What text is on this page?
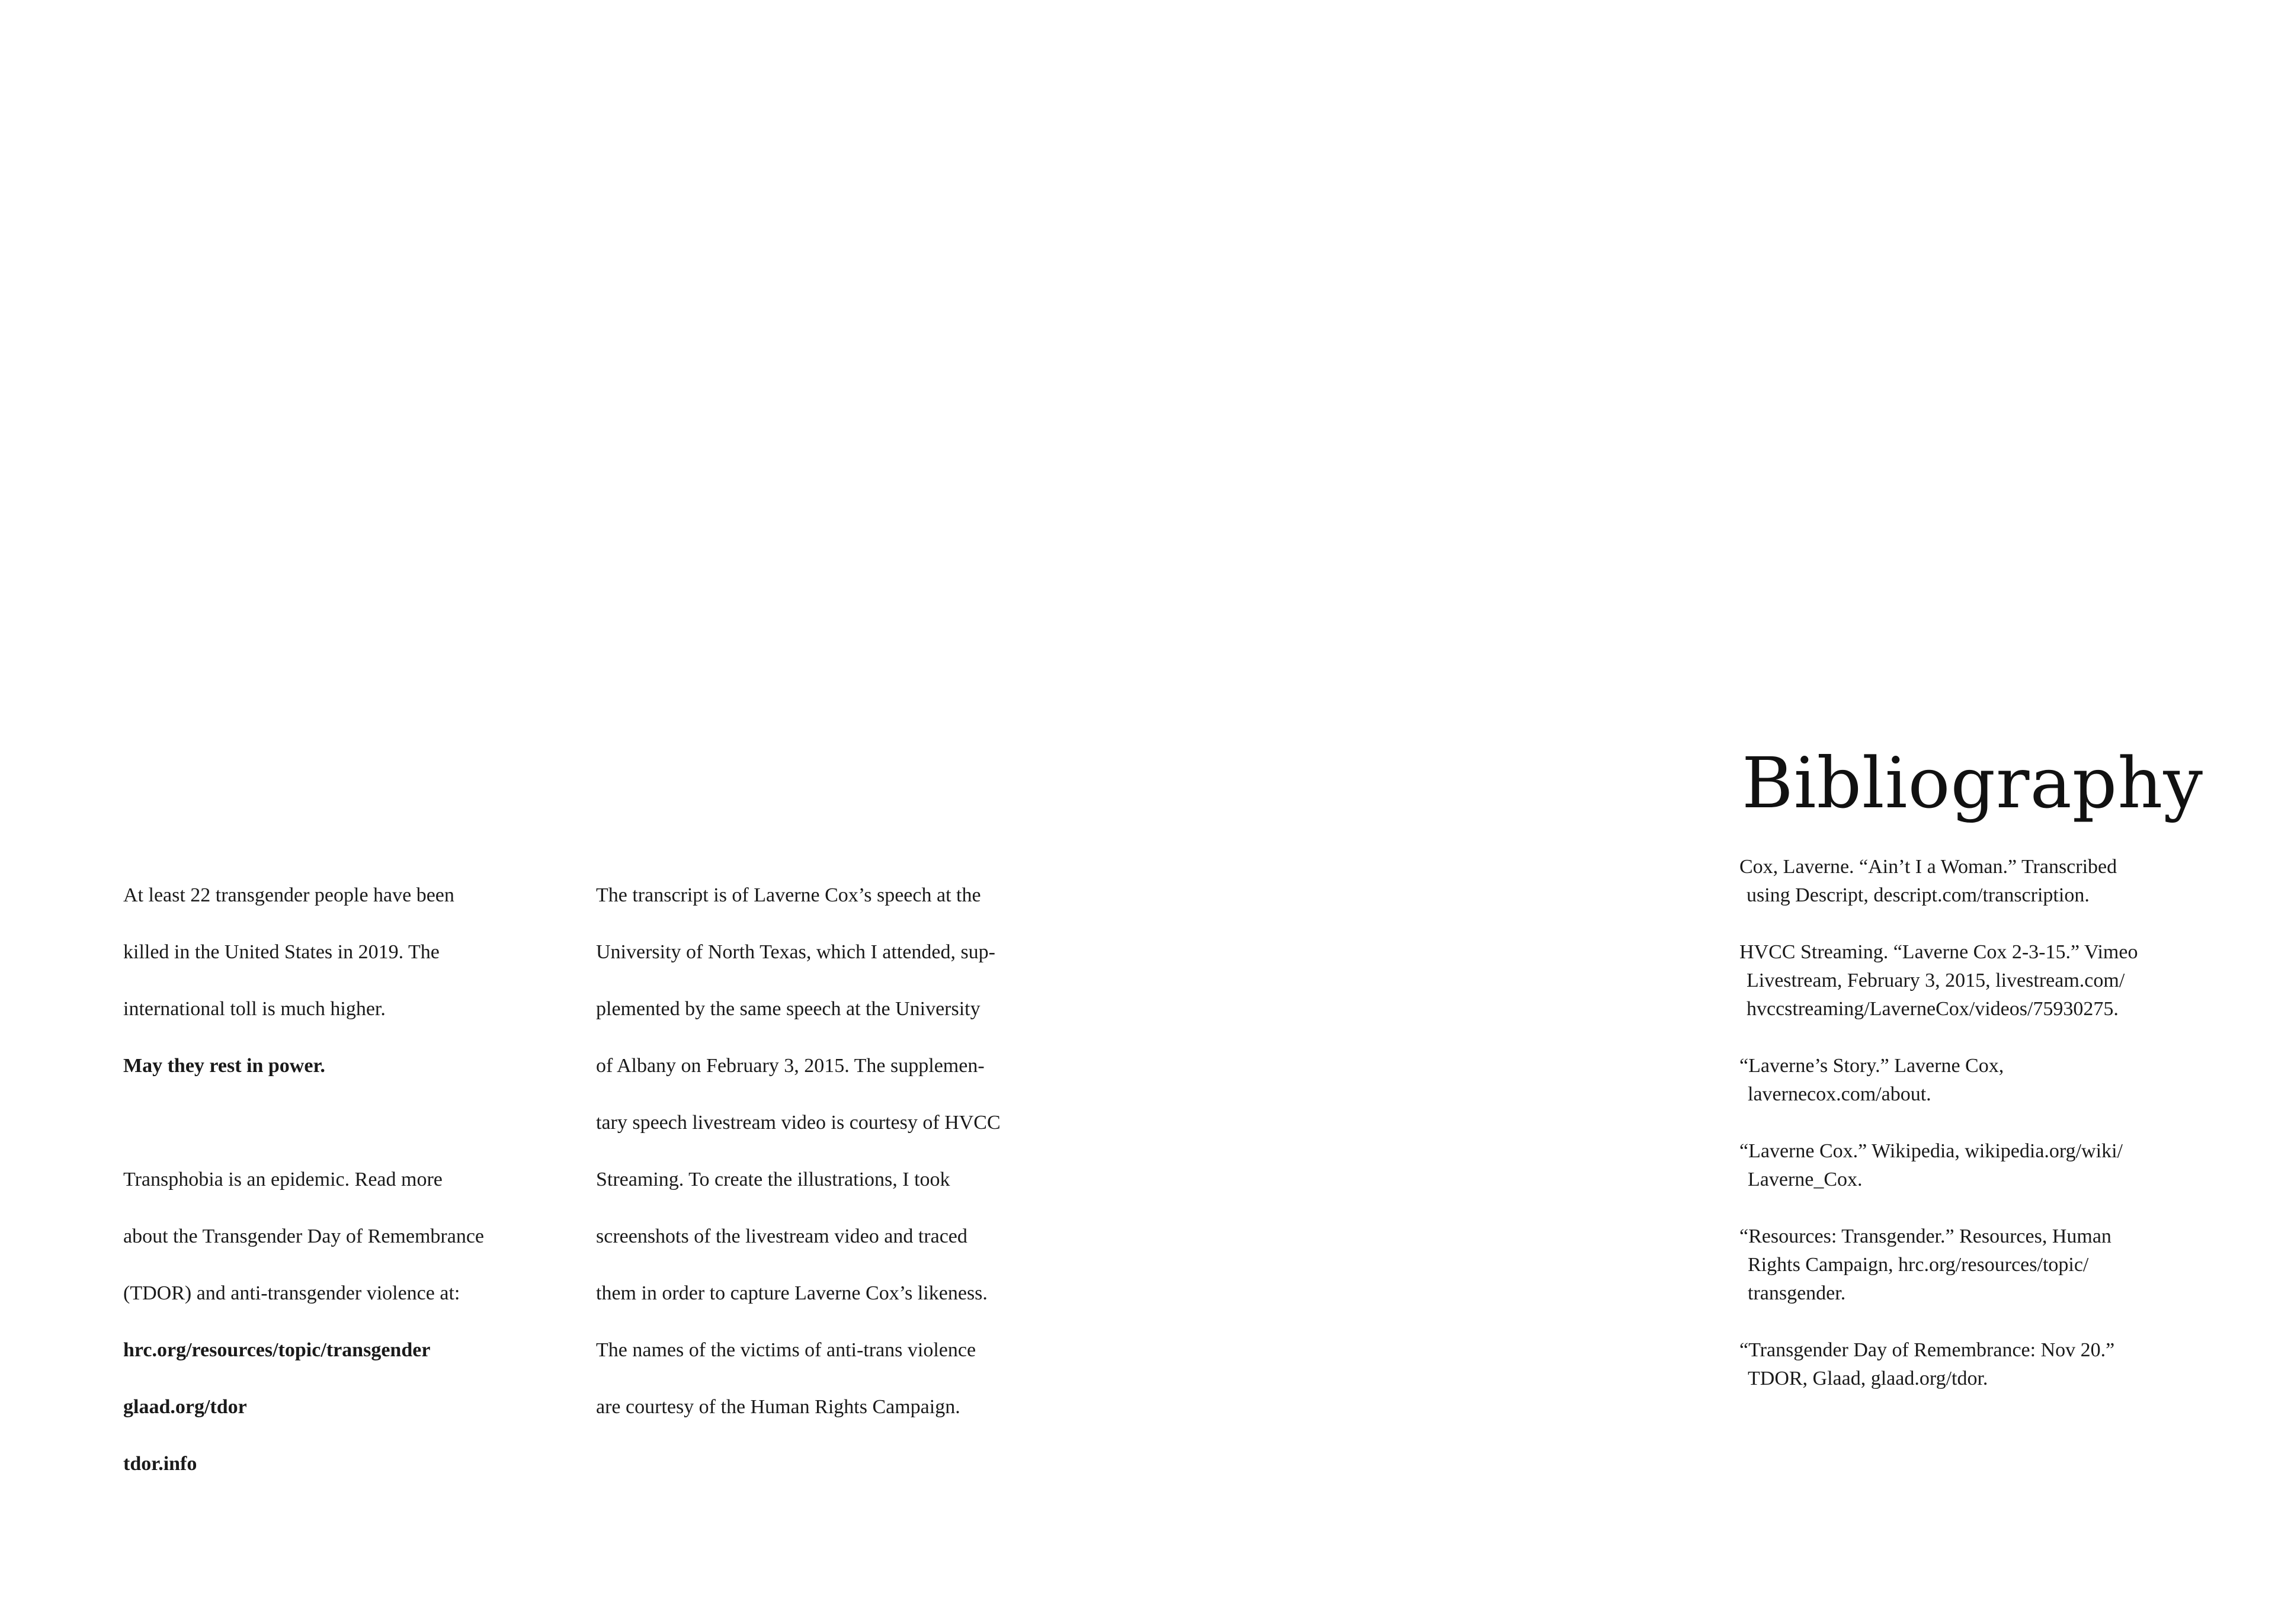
At least 22 transgender people have been

killed in the United States in 2019. The

international toll is much higher.

May they rest in power.

Transphobia is an epidemic. Read more

about the Transgender Day of Remembrance

(TDOR) and anti-transgender violence at:

hrc.org/resources/topic/transgender

glaad.org/tdor

tdor.info

The transcript is of Laverne Cox’s speech at the

University of North Texas, which I attended, sup-

plemented by the same speech at the University

of Albany on February 3, 2015. The supplemen-

tary speech livestream video is courtesy of HVCC

Streaming. To create the illustrations, I took

screenshots of the livestream video and traced

them in order to capture Laverne Cox’s likeness.

The names of the victims of anti-trans violence

are courtesy of the Human Rights Campaign.

Bibliography

Cox, Laverne. “Ain’t I a Woman.” Transcribed
using Descript, descript.com/transcription.

HVCC Streaming. “Laverne Cox 2-3-15.” Vimeo
Livestream, February 3, 2015, livestream.com/
hvccstreaming/LaverneCox/videos/75930275.

“Laverne’s Story.” Laverne Cox,
lavernecox.com/about.

“Laverne Cox.” Wikipedia, wikipedia.org/wiki/
Laverne_Cox.

“Resources: Transgender.” Resources, Human
Rights Campaign, hrc.org/resources/topic/
transgender.

“Transgender Day of Remembrance: Nov 20.”
TDOR, Glaad, glaad.org/tdor.
